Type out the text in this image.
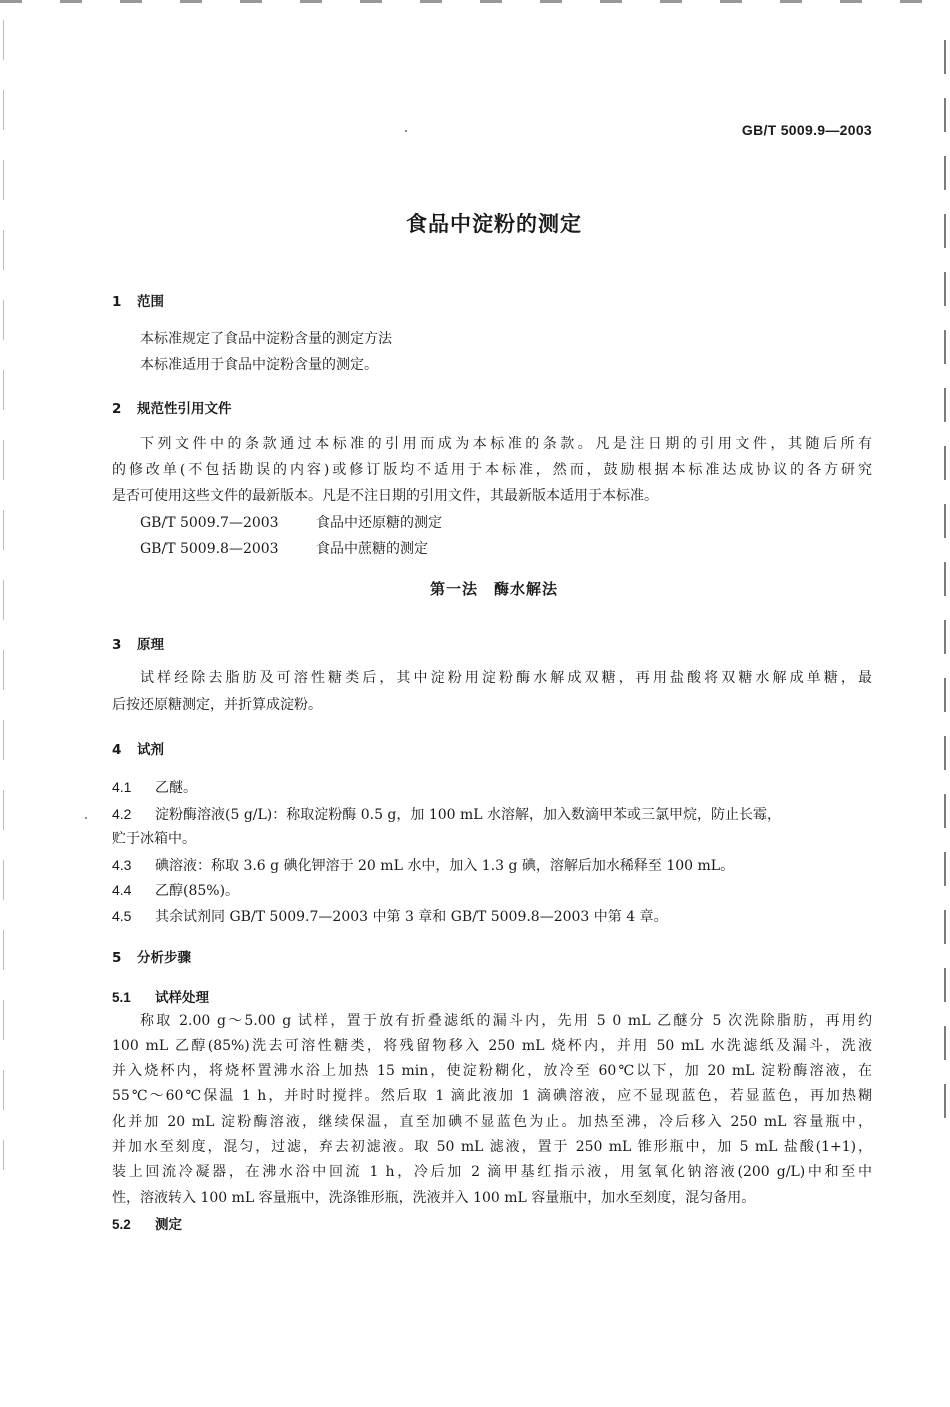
GB/T 5009.9—2003
食品中淀粉的测定
1 范围
本标准规定了食品中淀粉含量的测定方法
本标准适用于食品中淀粉含量的测定。
2 规范性引用文件
下列文件中的条款通过本标准的引用而成为本标准的条款。凡是注日期的引用文件，其随后所有
的修改单(不包括勘误的内容)或修订版均不适用于本标准，然而，鼓励根据本标准达成协议的各方研究
是否可使用这些文件的最新版本。凡是不注日期的引用文件，其最新版本适用于本标准。
GB/T 5009.7—2003	食品中还原糖的测定
GB/T 5009.8—2003	食品中蔗糖的测定
第一法　酶水解法
3 原理
试样经除去脂肪及可溶性糖类后，其中淀粉用淀粉酶水解成双糖，再用盐酸将双糖水解成单糖，最
后按还原糖测定，并折算成淀粉。
4 试剂
4.1 乙醚。
4.2 淀粉酶溶液(5 g/L)：称取淀粉酶 0.5 g，加 100 mL 水溶解，加入数滴甲苯或三氯甲烷，防止长霉，
贮于冰箱中。
4.3 碘溶液：称取 3.6 g 碘化钾溶于 20 mL 水中，加入 1.3 g 碘，溶解后加水稀释至 100 mL。
4.4 乙醇(85%)。
4.5 其余试剂同 GB/T 5009.7—2003 中第 3 章和 GB/T 5009.8—2003 中第 4 章。
5 分析步骤
5.1 试样处理
称取 2.00 g～5.00 g 试样，置于放有折叠滤纸的漏斗内，先用 5 0 mL 乙醚分 5 次洗除脂肪，再用约
100 mL 乙醇(85%)洗去可溶性糖类，将残留物移入 250 mL 烧杯内，并用 50 mL 水洗滤纸及漏斗，洗液
并入烧杯内，将烧杯置沸水浴上加热 15 min，使淀粉糊化，放冷至 60℃以下，加 20 mL 淀粉酶溶液，在
55℃～60℃保温 1 h，并时时搅拌。然后取 1 滴此液加 1 滴碘溶液，应不显现蓝色，若显蓝色，再加热糊
化并加 20 mL 淀粉酶溶液，继续保温，直至加碘不显蓝色为止。加热至沸，冷后移入 250 mL 容量瓶中，
并加水至刻度，混匀，过滤，弃去初滤液。取 50 mL 滤液，置于 250 mL 锥形瓶中，加 5 mL 盐酸(1+1)，
装上回流冷凝器，在沸水浴中回流 1 h，冷后加 2 滴甲基红指示液，用氢氧化钠溶液(200 g/L)中和至中
性，溶液转入 100 mL 容量瓶中，洗涤锥形瓶，洗液并入 100 mL 容量瓶中，加水至刻度，混匀备用。
5.2 测定
